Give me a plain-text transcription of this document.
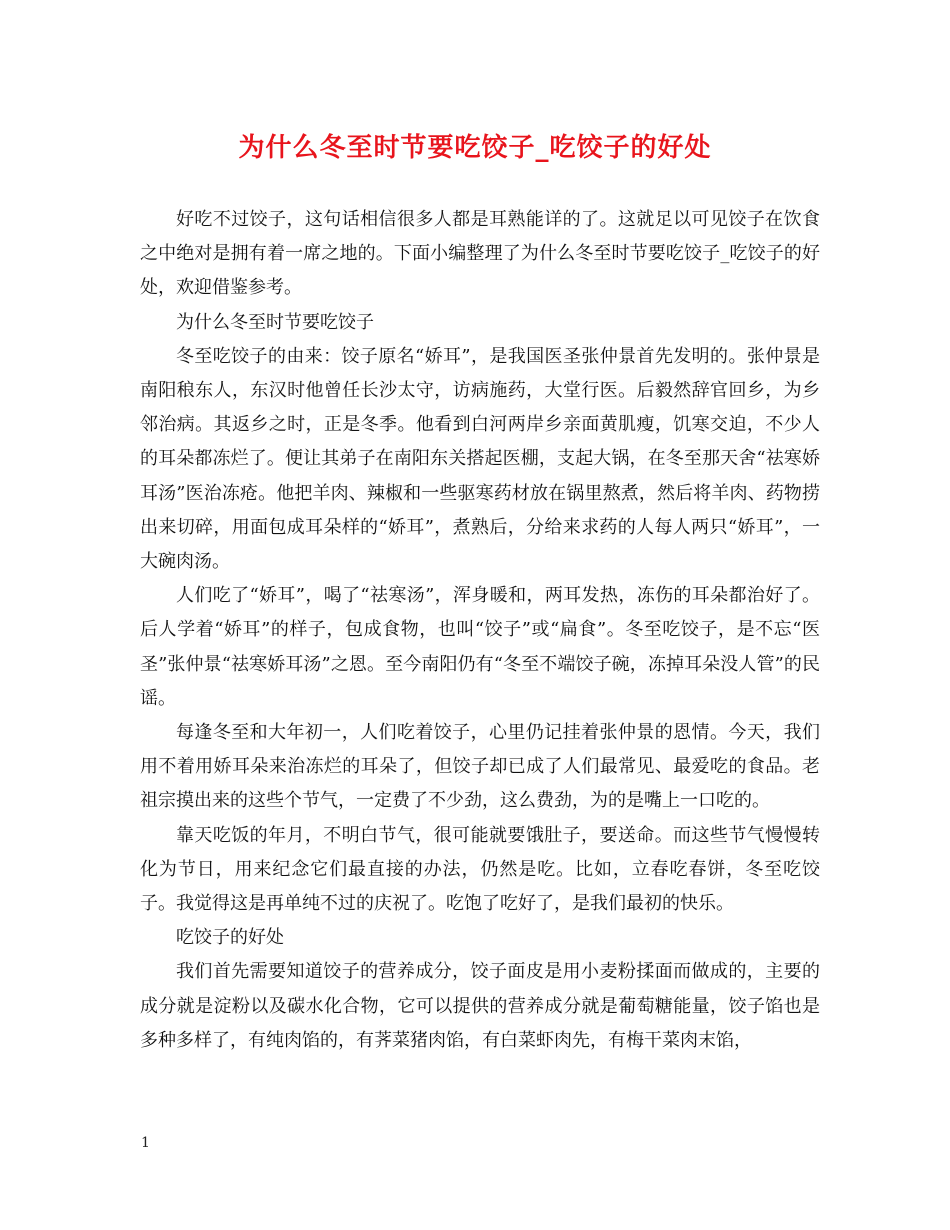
为什么冬至时节要吃饺子_吃饺子的好处

好吃不过饺子，这句话相信很多人都是耳熟能详的了。这就足以可见饺子在饮食之中绝对是拥有着一席之地的。下面小编整理了为什么冬至时节要吃饺子_吃饺子的好处，欢迎借鉴参考。

为什么冬至时节要吃饺子

冬至吃饺子的由来：饺子原名“娇耳”，是我国医圣张仲景首先发明的。张仲景是南阳稂东人，东汉时他曾任长沙太守，访病施药，大堂行医。后毅然辞官回乡，为乡邻治病。其返乡之时，正是冬季。他看到白河两岸乡亲面黄肌瘦，饥寒交迫，不少人的耳朵都冻烂了。便让其弟子在南阳东关搭起医棚，支起大锅，在冬至那天舍“祛寒娇耳汤”医治冻疮。他把羊肉、辣椒和一些驱寒药材放在锅里熬煮，然后将羊肉、药物捞出来切碎，用面包成耳朵样的“娇耳”，煮熟后，分给来求药的人每人两只“娇耳”，一大碗肉汤。

人们吃了“娇耳”，喝了“祛寒汤”，浑身暖和，两耳发热，冻伤的耳朵都治好了。后人学着“娇耳”的样子，包成食物，也叫“饺子”或“扁食”。冬至吃饺子，是不忘“医圣”张仲景“祛寒娇耳汤”之恩。至今南阳仍有“冬至不端饺子碗，冻掉耳朵没人管”的民谣。

每逢冬至和大年初一，人们吃着饺子，心里仍记挂着张仲景的恩情。今天，我们用不着用娇耳朵来治冻烂的耳朵了，但饺子却已成了人们最常见、最爱吃的食品。老祖宗摸出来的这些个节气，一定费了不少劲，这么费劲，为的是嘴上一口吃的。

靠天吃饭的年月，不明白节气，很可能就要饿肚子，要送命。而这些节气慢慢转化为节日，用来纪念它们最直接的办法，仍然是吃。比如，立春吃春饼，冬至吃饺子。我觉得这是再单纯不过的庆祝了。吃饱了吃好了，是我们最初的快乐。

吃饺子的好处

我们首先需要知道饺子的营养成分，饺子面皮是用小麦粉揉面而做成的，主要的成分就是淀粉以及碳水化合物，它可以提供的营养成分就是葡萄糖能量，饺子馅也是多种多样了，有纯肉馅的，有荠菜猪肉馅，有白菜虾肉先，有梅干菜肉末馅，

1
